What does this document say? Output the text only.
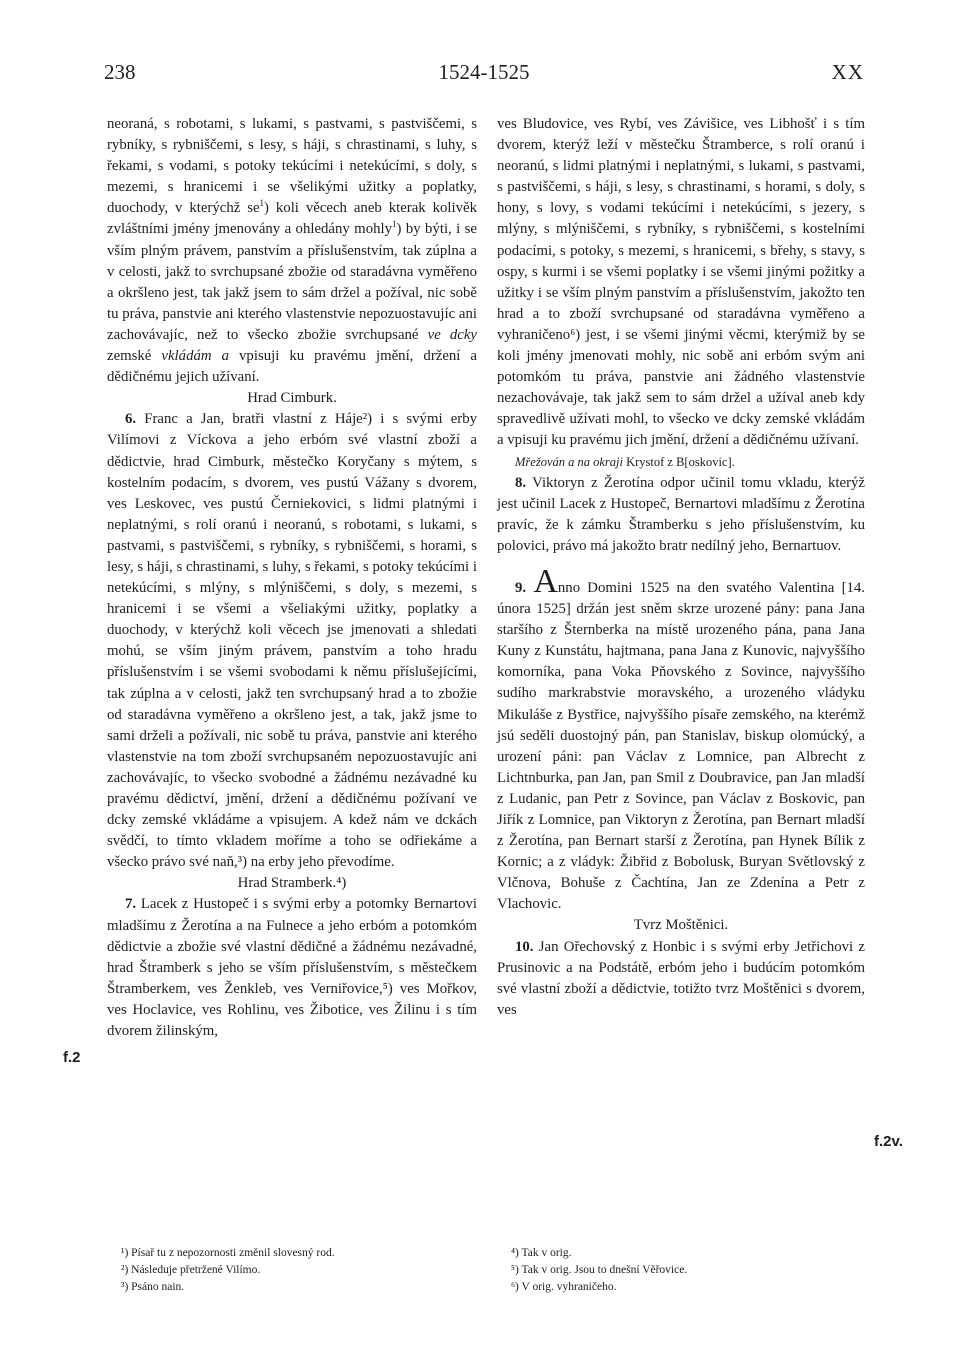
238	1524-1525	XX

neoraná, s robotami, s lukami, s pastvami, s pastviščemi, s rybníky, s rybniščemi, s lesy, s háji, s chrastinami, s luhy, s řekami, s vodami, s potoky tekúcími i netekúcími, s doly, s mezemi, s hranicemi i se všelikými užitky a poplatky, duochody, v kterýchž $se^1$) koli věcech aneb kterak kolivěk zvláštními jmény jmenovány a ohledány mohly$^1$) by býti, i se vším plným právem, panstvím a příslušenstvím, tak zúplna a v celosti, jakž to svrchupsané zbožie od staradávna vyměřeno a okršleno jest, tak jakž jsem to sám držel a požíval, nic sobě tu práva, panstvie ani kterého vlastenstvie nepozuostavujíc ani zachovávajíc, než to všecko zbožie svrchupsané ve dcky zemské vkládám a vpisuji ku pravému jmění, držení a dědičnému jejich užívaní.

Hrad Cimburk.

6. Franc a Jan, bratři vlastní z Háje²) i s svými erby Vilímovi z Víckova a jeho erbóm své vlastní zboží a dědictvie, hrad Cimburk, městečko Koryčany s mýtem, s kostelním podacím, s dvorem, ves pustú Vážany s dvorem, ves Leskovec, ves pustú Černiekovici, s lidmi platnými i neplatnými, s rolí oranú i neoranú, s robotami, s lukami, s pastvami, s pastviščemi, s rybníky, s rybniščemi, s horami, s lesy, s háji, s chrastinami, s luhy, s řekami, s potoky tekúcími i netekúcími, s mlýny, s mlýniščemi, s doly, s mezemi, s hranicemi i se všemi a všeliakými užitky, poplatky a duochody, v kterýchž koli věcech jse jmenovati a shledati mohú, se vším jiným právem, panstvím a toho hradu příslušenstvím i se všemi svobodami k němu příslušejícími, tak zúplna a v celosti, jakž ten svrchupsaný hrad a to zbožie od staradávna vyměřeno a okršleno jest, a tak, jakž jsme to sami drželi a požívali, nic sobě tu práva, panstvie ani kterého vlastenstvie na tom zboží svrchupsaném nepozuostavujíc ani zachovávajíc, to všecko svobodné a žádnému nezávadné ku pravému dědictví, jmění, držení a dědičnému požívaní ve dcky zemské vkládáme a vpisujem. A kdež nám ve dckách svědčí, to tímto vkladem moříme a toho se odřiekáme a všecko právo své naň,³) na erby jeho převodíme.

Hrad Stramberk.⁴)

7. Lacek z Hustopeč i s svými erby a potomky Bernartovi mladšímu z Žerotína a na Fulnece a jeho erbóm a potomkóm dědictvie a zbožie své vlastní dědičné a žádnému nezávadné, hrad Štramberk s jeho se vším příslušenstvím, s městečkem Štramberkem, ves Ženkleb, ves Verniřovice,⁵) ves Mořkov, ves Hoclavice, ves Rohlinu, ves Žibotice, ves Žilinu i s tím dvorem žilinským,

ves Bludovice, ves Rybí, ves Závišice, ves Libhošť i s tím dvorem, kterýž leží v městečku Štramberce, s rolí oranú i neoranú, s lidmi platnými i neplatnými, s lukami, s pastvami, s pastviščemi, s háji, s lesy, s chrastinami, s horami, s doly, s hony, s lovy, s vodami tekúcími i netekúcími, s jezery, s mlýny, s mlýniščemi, s rybníky, s rybniščemi, s kostelními podacími, s potoky, s mezemi, s hranicemi, s břehy, s stavy, s ospy, s kurmi i se všemi poplatky i se všemi jinými požitky a užitky i se vším plným panstvím a příslušenstvím, jakožto ten hrad a to zboží svrchupsané od staradávna vyměřeno a vyhraničeno⁶) jest, i se všemi jinými věcmi, kterýmiž by se koli jmény jmenovati mohly, nic sobě ani erbóm svým ani potomkóm tu práva, panstvie ani žádného vlastenstvie nezachovávaje, tak jakž sem to sám držel a užíval aneb kdy spravedlivě užívati mohl, to všecko ve dcky zemské vkládám a vpisuji ku pravému jich jmění, držení a dědičnému užívaní.

Mřežován a na okraji Krystof z B[oskovic].

8. Viktoryn z Žerotína odpor učinil tomu vkladu, kterýž jest učinil Lacek z Hustopeč, Bernartovi mladšímu z Žerotína pravíc, že k zámku Štramberku s jeho příslušenstvím, ku polovici, právo má jakožto bratr nedílný jeho, Bernartuov.

9. Anno Domini 1525 na den svatého Valentina [14. února 1525] držán jest sněm skrze urozené pány: pana Jana staršího z Šternberka na místě urozeného pána, pana Jana Kuny z Kunstátu, hajtmana, pana Jana z Kunovic, najvyššího komorníka, pana Voka Pňovského z Sovince, najvyššího sudího markrabstvie moravského, a urozeného vládyku Mikuláše z Bystřice, najvyššího písaře zemského, na kterémž jsú seděli duostojný pán, pan Stanislav, biskup olomúcký, a urození páni: pan Václav z Lomnice, pan Albrecht z Lichtnburka, pan Jan, pan Smil z Doubravice, pan Jan mladší z Ludanic, pan Petr z Sovince, pan Václav z Boskovic, pan Jiřík z Lomnice, pan Viktoryn z Žerotína, pan Bernart mladší z Žerotína, pan Bernart starší z Žerotína, pan Hynek Bílik z Kornic; a z vládyk: Žibřid z Bobolusk, Buryan Světlovský z Vlčnova, Bohuše z Čachtína, Jan ze Zdenína a Petr z Vlachovic.

Tvrz Moštěnici.

10. Jan Ořechovský z Honbic i s svými erby Jetřichovi z Prusinovic a na Podstátě, erbóm jeho i budúcím potomkóm své vlastní zboží a dědictvie, totižto tvrz Moštěnici s dvorem, ves

f.2
f.2v.

¹) Písař tu z nepozornosti změnil slovesný rod.

²) Následuje přetržené Vilímo.

³) Psáno nain.

⁴) Tak v orig.

⁵) Tak v orig. Jsou to dnešní Věřovice.

⁶) V orig. vyhraničeho.
